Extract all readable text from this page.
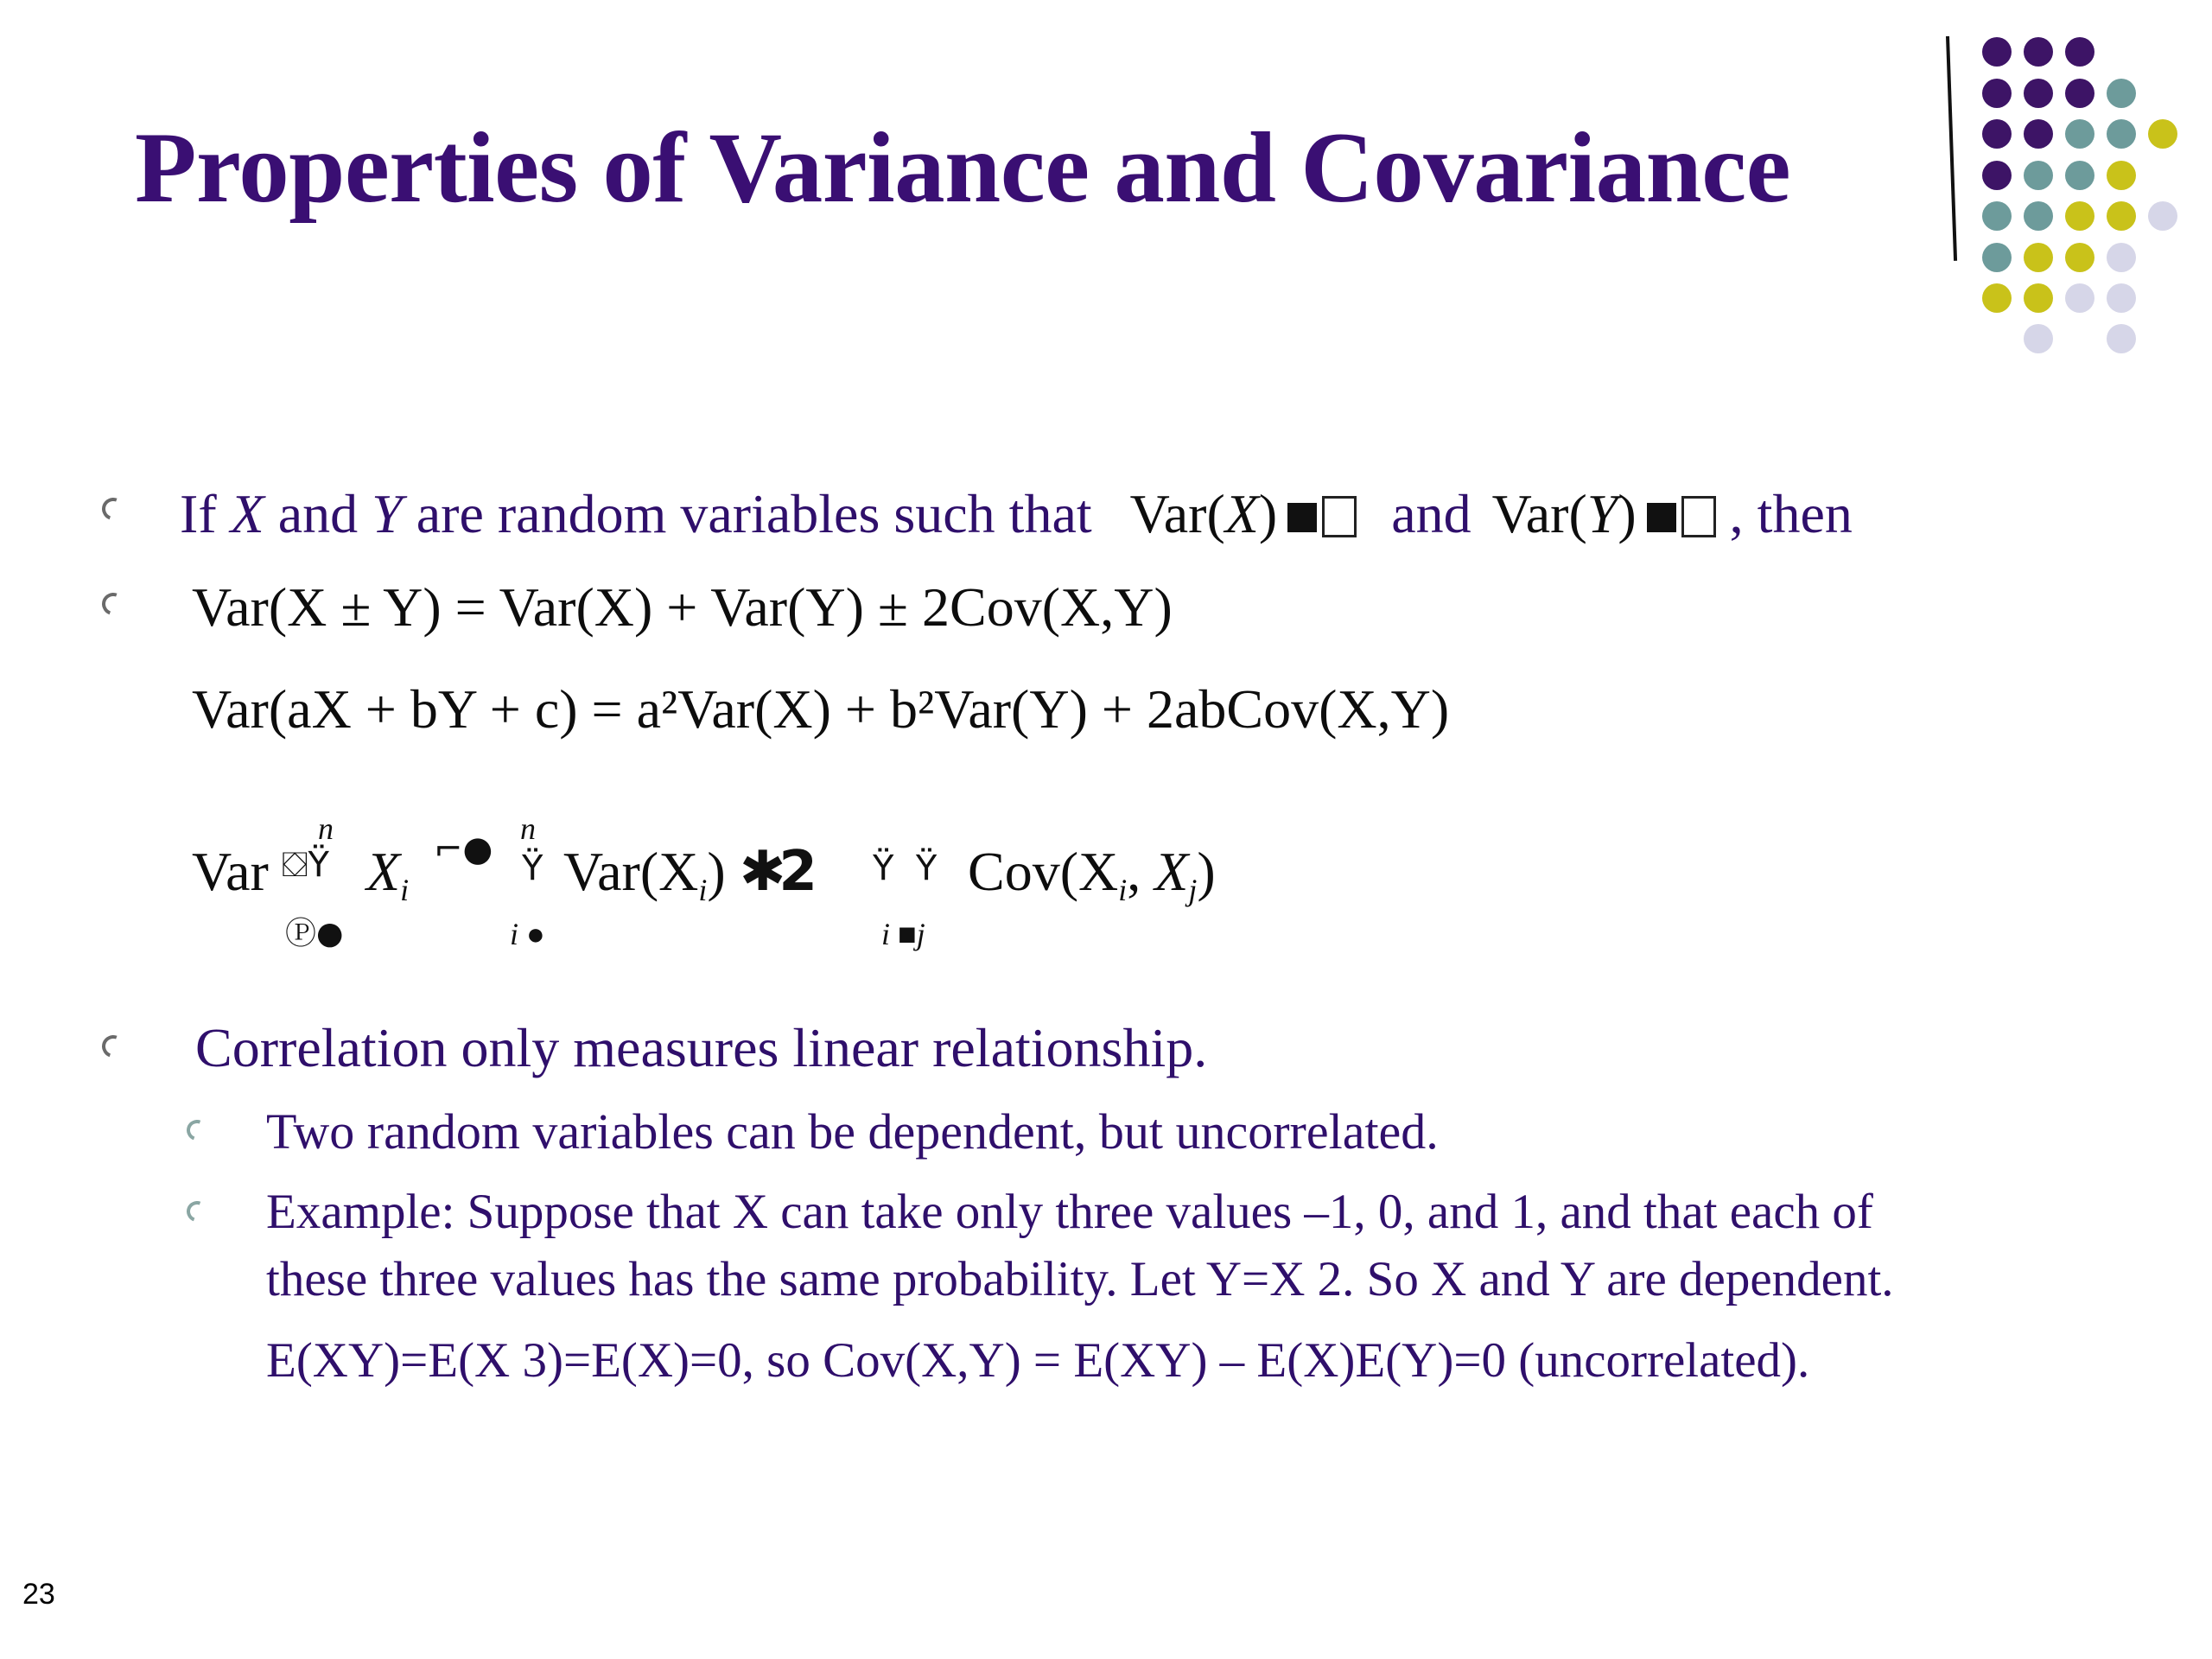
Properties of Variance and Covariance
If X and Y are random variables such that Var(X) and Var(Y) , then
Var(X ± Y) = Var(X) + Var(Y) ± 2Cov(X,Y)
Var(aX + bY + c) = a²Var(X) + b²Var(Y) + 2abCov(X,Y)
Var ⛋Ϋ
n
Ⓟ●
$X_i$
⌐● Ϋ
n
i ●
$Var(X_i)$ ✱2 Ϋ  Ϋ
i ■j
$Cov(X_i$, $X_j$)
Correlation only measures linear relationship.
Two random variables can be dependent, but uncorrelated.
Example: Suppose that X can take only three values –1, 0, and 1, and that each of
these three values has the same probability. Let Y=X 2. So X and Y are dependent.
E(XY)=E(X 3)=E(X)=0, so Cov(X,Y) = E(XY) – E(X)E(Y)=0 (uncorrelated).
23
